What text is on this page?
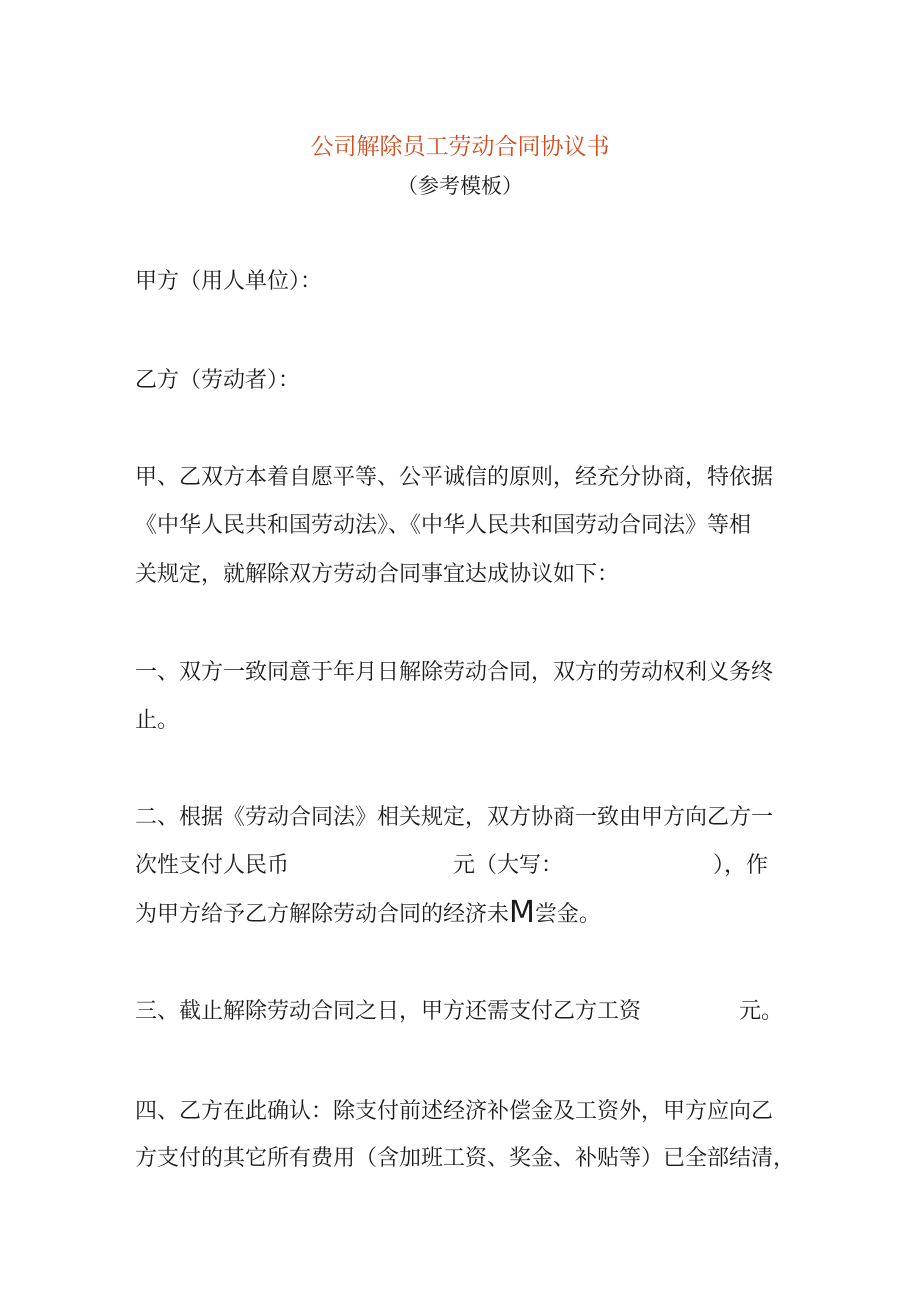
公司解除员工劳动合同协议书
（参考模板）
甲方（用人单位）：
乙方（劳动者）：
甲、乙双方本着自愿平等、公平诚信的原则，经充分协商，特依据
《中华人民共和国劳动法》、《中华人民共和国劳动合同法》等相
关规定，就解除双方劳动合同事宜达成协议如下：
一、双方一致同意于年月日解除劳动合同，双方的劳动权利义务终
止。
二、根据《劳动合同法》相关规定，双方协商一致由甲方向乙方一
次性支付人民币	元（大写：	），作
为甲方给予乙方解除劳动合同的经济未M尝金。
三、截止解除劳动合同之日，甲方还需支付乙方工资	元。
四、乙方在此确认：除支付前述经济补偿金及工资外，甲方应向乙
方支付的其它所有费用（含加班工资、奖金、补贴等）已全部结清，
